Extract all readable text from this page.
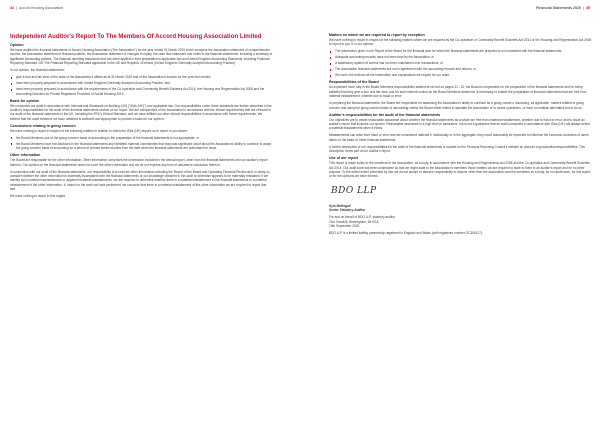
34  |  Accord Housing Association	Financial Statements 2020  |  35
Independent Auditor's Report To The Members Of Accord Housing Association Limited
Opinion

We have audited the financial statements of Accord Housing Association ("the Association") for the year ended 31 March 2020 which comprise the Association statement of comprehensive income, the Association statement of financial position, the Association statement of changes in equity, the cash flow statement and notes to the financial statements, including a summary of significant accounting policies. The financial reporting framework that has been applied in their preparation is applicable law and United Kingdom Accounting Standards, including Financial Reporting Standard 102 The Financial Reporting Standard applicable in the UK and Republic of Ireland (United Kingdom Generally Accepted Accounting Practice).

In our opinion, the financial statements:

give a true and fair view of the state of the Association's affairs as at 31 March 2020 and of the Association's surplus for the year then ended;
have been properly prepared in accordance with United Kingdom Generally Accepted Accounting Practice; and
have been properly prepared in accordance with the requirements of the Co-operative and Community Benefit Societies Act 2014, the Housing and Regeneration Act 2008 and the Accounting Direction for Private Registered Providers of Social Housing 2019.
Basis for opinion

We conducted our audit in accordance with International Standards on Auditing (UK) ("ISAs (UK)") and applicable law. Our responsibilities under those standards are further described in the Auditor's responsibilities for the audit of the financial statements section of our report. We are independent of the Association in accordance with the ethical requirements that are relevant to our audit of the financial statements in the UK, including the FRC's Ethical Standard, and we have fulfilled our other ethical responsibilities in accordance with these requirements. We believe that the audit evidence we have obtained is sufficient and appropriate to provide a basis for our opinion.

Conclusions relating to going concern

We have nothing to report in respect of the following matters in relation to which the ISAs (UK) require us to report to you where:

the Board Members use of the going concern basis of accounting in the preparation of the financial statements is not appropriate; or
the Board Members have not disclosed in the financial statements any identified material uncertainties that may cast significant doubt about the Association's ability to continue to adopt the going concern basis of accounting for a period of at least twelve months from the date when the financial statements are authorised for issue.
Other information

The Board are responsible for the other information. Other information comprises the information included in the annual report, other than the financial statements and our auditor's report thereon. Our opinion on the financial statements does not cover the other information and we do not express any form of assurance conclusion thereon.

In connection with our audit of the financial statements, our responsibility is to read the other information including the Report of the Board and Operating Financial Review and, in doing so, consider whether the other information is materially inconsistent with the financial statements or our knowledge obtained in the audit or otherwise appears to be materially misstated. If we identify such material inconsistencies or apparent material misstatements, we are required to determine whether there is a material misstatement in the financial statements or a material misstatement of the other information. If, based on the work we have performed, we conclude that there is a material misstatement of this other information we are required to report that fact.

We have nothing to report in this regard.

Matters on which we are required to report by exception

We have nothing to report in respect of the following matters where we are required by the Co-operative or Community Benefit Societies Act 2014 or the Housing and Regeneration Act 2008 to report to you if, in our opinion:

The information given in the Report of the Board for the financial year for which the financial statements are prepared is not consistent with the financial statements;
Adequate accounting records have not been kept by the Association; or
A satisfactory system of control has not been maintained over transactions; or
The Association financial statements are not in agreement with the accounting records and returns; or
We have not received all the information and explanations we require for our audit.
Responsibilities of the Board

As explained more fully in the Board Members responsibilities statement set out on pages 31 - 32, the Board is responsible for the preparation of the financial statements and for being satisfied that they give a true and fair view, and for such internal control as the Board Members determine is necessary to enable the preparation of financial statements that are free from material misstatement, whether due to fraud or error.

In preparing the financial statements, the Board are responsible for assessing the Association's ability to continue as a going concern, disclosing, as applicable, matters related to going concern and using the going concern basis of accounting unless the Board either intend to liquidate the Association or to cease operations, or have no realistic alternative but to do so.

Auditor's responsibilities for the audit of the financial statements

Our objectives are to obtain reasonable assurance about whether the financial statements as a whole are free from material misstatement, whether due to fraud or error, and to issue an auditor's report that includes our opinion. Reasonable assurance is a high level of assurance, but is not a guarantee that an audit conducted in accordance with ISAs (UK) will always detect a material misstatement when it exists.

Misstatements can arise from fraud or error and are considered material if, individually or in the aggregate, they could reasonably be expected to influence the economic decisions of users taken on the basis of these financial statements.

A further description of our responsibilities for the audit of the financial statements is located on the Financial Reporting Council's website at: www.frc.org.uk/auditorsresponsibilities. This description forms part of our auditor's report.

Use of our report

This report is made solely to the members of the Association, as a body, in accordance with the Housing and Regeneration Act 2008 and the Co-operative and Community Benefit Societies Act 2014. Our audit work has been undertaken so that we might state to the Association's members those matters we are required to state to them in an auditor's report and for no other purpose. To the fullest extent permitted by law, we do not accept or assume responsibility to anyone other than the Association and the members as a body, for our audit work, for this report, or for the opinions we have formed.

BDO LLP
Kyla Bellingall
Senior Statutory Auditor

For and on behalf of BDO LLP, statutory auditor

Two Snowhill, Birmingham, B4 6GA

19th September 2020

BDO LLP is a limited liability partnership registered in England and Wales (with registered number OC305127).
